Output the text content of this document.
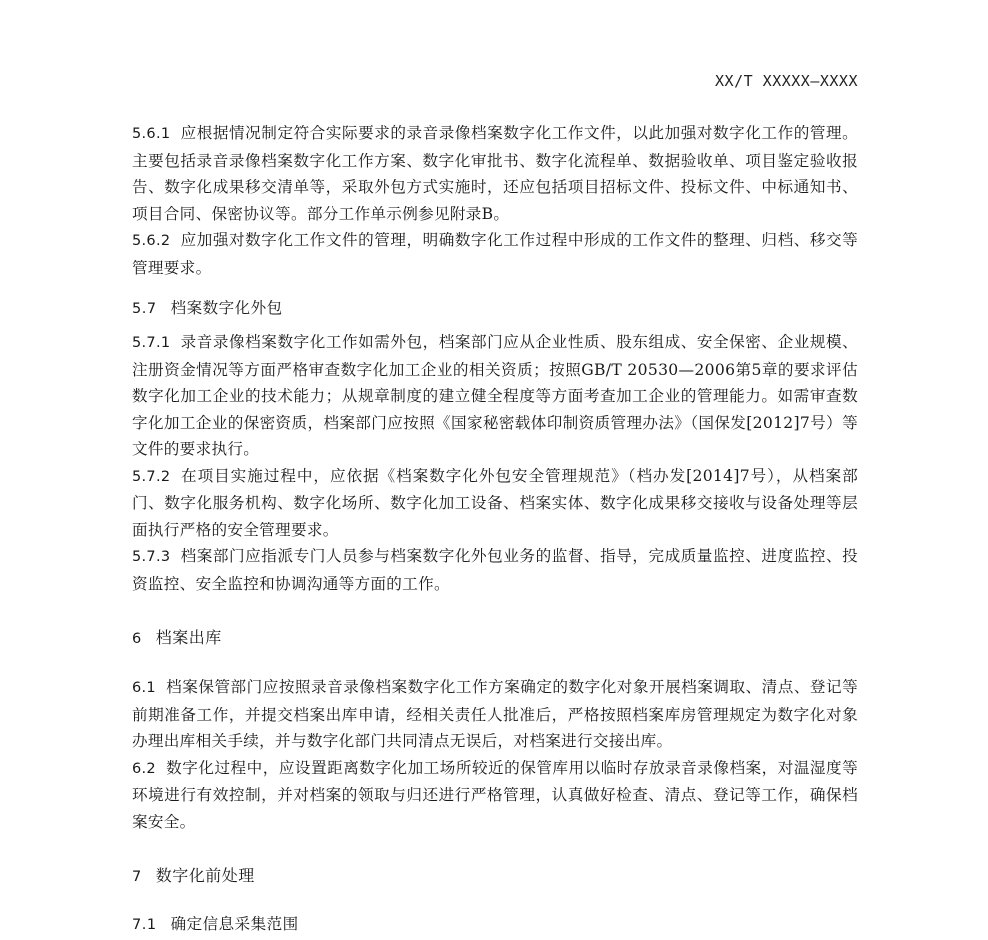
XX/T XXXXX—XXXX

5.6.1 应根据情况制定符合实际要求的录音录像档案数字化工作文件，以此加强对数字化工作的管理。主要包括录音录像档案数字化工作方案、数字化审批书、数字化流程单、数据验收单、项目鉴定验收报告、数字化成果移交清单等，采取外包方式实施时，还应包括项目招标文件、投标文件、中标通知书、项目合同、保密协议等。部分工作单示例参见附录B。

5.6.2 应加强对数字化工作文件的管理，明确数字化工作过程中形成的工作文件的整理、归档、移交等管理要求。

5.7 档案数字化外包

5.7.1 录音录像档案数字化工作如需外包，档案部门应从企业性质、股东组成、安全保密、企业规模、注册资金情况等方面严格审查数字化加工企业的相关资质；按照GB/T 20530—2006第5章的要求评估数字化加工企业的技术能力；从规章制度的建立健全程度等方面考查加工企业的管理能力。如需审查数字化加工企业的保密资质，档案部门应按照《国家秘密载体印制资质管理办法》（国保发[2012]7号）等文件的要求执行。

5.7.2 在项目实施过程中，应依据《档案数字化外包安全管理规范》（档办发[2014]7号），从档案部门、数字化服务机构、数字化场所、数字化加工设备、档案实体、数字化成果移交接收与设备处理等层面执行严格的安全管理要求。

5.7.3 档案部门应指派专门人员参与档案数字化外包业务的监督、指导，完成质量监控、进度监控、投资监控、安全监控和协调沟通等方面的工作。

6 档案出库

6.1 档案保管部门应按照录音录像档案数字化工作方案确定的数字化对象开展档案调取、清点、登记等前期准备工作，并提交档案出库申请，经相关责任人批准后，严格按照档案库房管理规定为数字化对象办理出库相关手续，并与数字化部门共同清点无误后，对档案进行交接出库。

6.2 数字化过程中，应设置距离数字化加工场所较近的保管库用以临时存放录音录像档案，对温湿度等环境进行有效控制，并对档案的领取与归还进行严格管理，认真做好检查、清点、登记等工作，确保档案安全。

7 数字化前处理
7.1 确定信息采集范围
